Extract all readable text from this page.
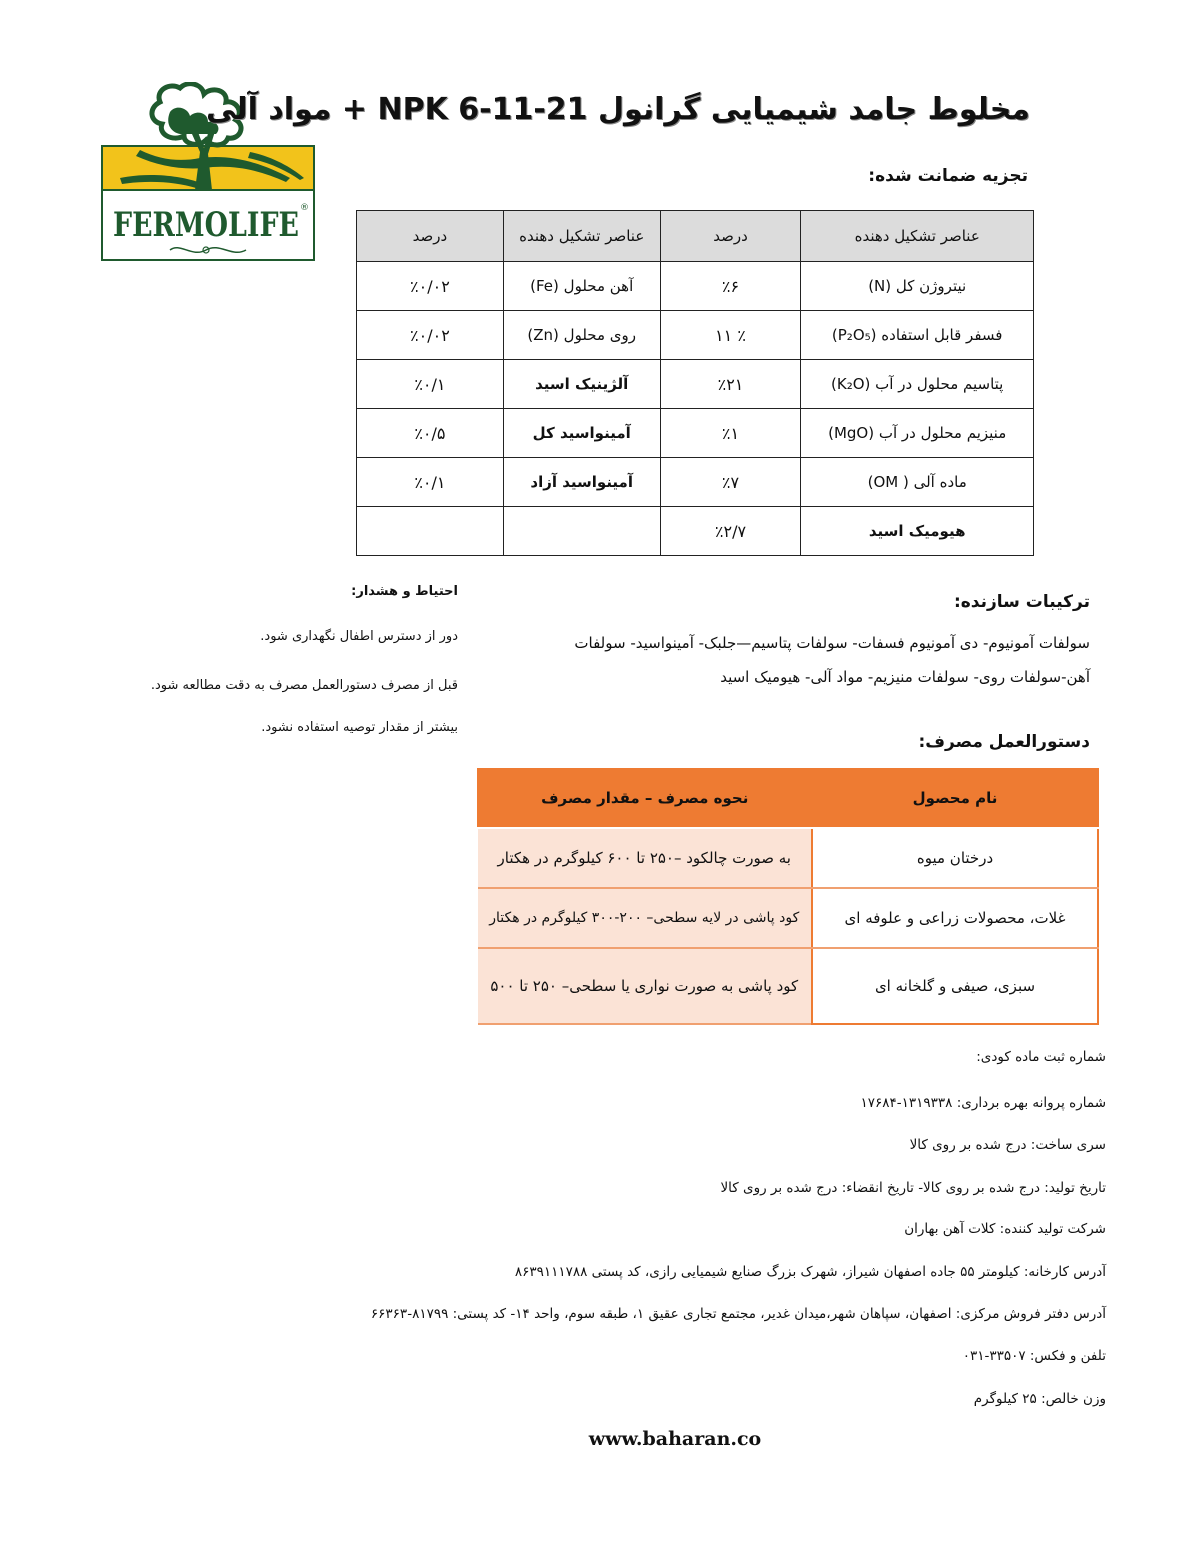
FERMOLIFE ®
مخلوط جامد شیمیایی گرانول NPK 6-11-21 + مواد آلی
تجزیه ضمانت شده:
عناصر تشکیل دهنده	درصد	عناصر تشکیل دهنده	درصد
نیتروژن کل (N)	٪۶	آهن محلول (Fe)	٪۰/۰۲
فسفر قابل استفاده (P₂O₅)	٪ ۱۱	روی محلول (Zn)	٪۰/۰۲
پتاسیم محلول در آب (K₂O)	٪۲۱	آلژینیک اسید	٪۰/۱
منیزیم محلول در آب (MgO)	٪۱	آمینواسید کل	٪۰/۵
ماده آلی ( OM)	٪۷	آمینواسید آزاد	٪۰/۱
هیومیک اسید	٪۲/۷		
ترکیبات سازنده:
سولفات آمونیوم- دی آمونیوم فسفات- سولفات پتاسیم—جلبک- آمینواسید- سولفات
آهن-سولفات روی- سولفات منیزیم- مواد آلی- هیومیک اسید
احتیاط و هشدار:
دور از دسترس اطفال نگهداری شود.
قبل از مصرف دستورالعمل مصرف به دقت مطالعه شود.
بیشتر از مقدار توصیه استفاده نشود.
دستورالعمل مصرف:
نام محصول	نحوه مصرف – مقدار مصرف
درختان میوه	به صورت چالکود –۲۵۰ تا ۶۰۰ کیلوگرم در هکتار
غلات، محصولات زراعی و علوفه ای	کود پاشی در لایه سطحی– ۲۰۰-۳۰۰ کیلوگرم در هکتار
سبزی، صیفی و گلخانه ای	کود پاشی به صورت نواری یا سطحی– ۲۵۰ تا ۵۰۰
شماره ثبت ماده کودی:
شماره پروانه بهره برداری: ۱۳۱۹۳۳۸-۱۷۶۸۴
سری ساخت: درج شده بر روی کالا
تاریخ تولید: درج شده بر روی کالا- تاریخ انقضاء: درج شده بر روی کالا
شرکت تولید کننده: کلات آهن بهاران
آدرس کارخانه: کیلومتر ۵۵ جاده اصفهان شیراز، شهرک بزرگ صنایع شیمیایی رازی، کد پستی ۸۶۳۹۱۱۱۷۸۸
آدرس دفتر فروش مرکزی: اصفهان، سپاهان شهر،میدان غدیر، مجتمع تجاری عقیق ۱، طبقه سوم، واحد ۱۴- کد پستی: ۸۱۷۹۹-۶۶۳۶۳
تلفن و فکس: ۳۳۵۰۷-۰۳۱
وزن خالص: ۲۵ کیلوگرم
www.baharan.co
